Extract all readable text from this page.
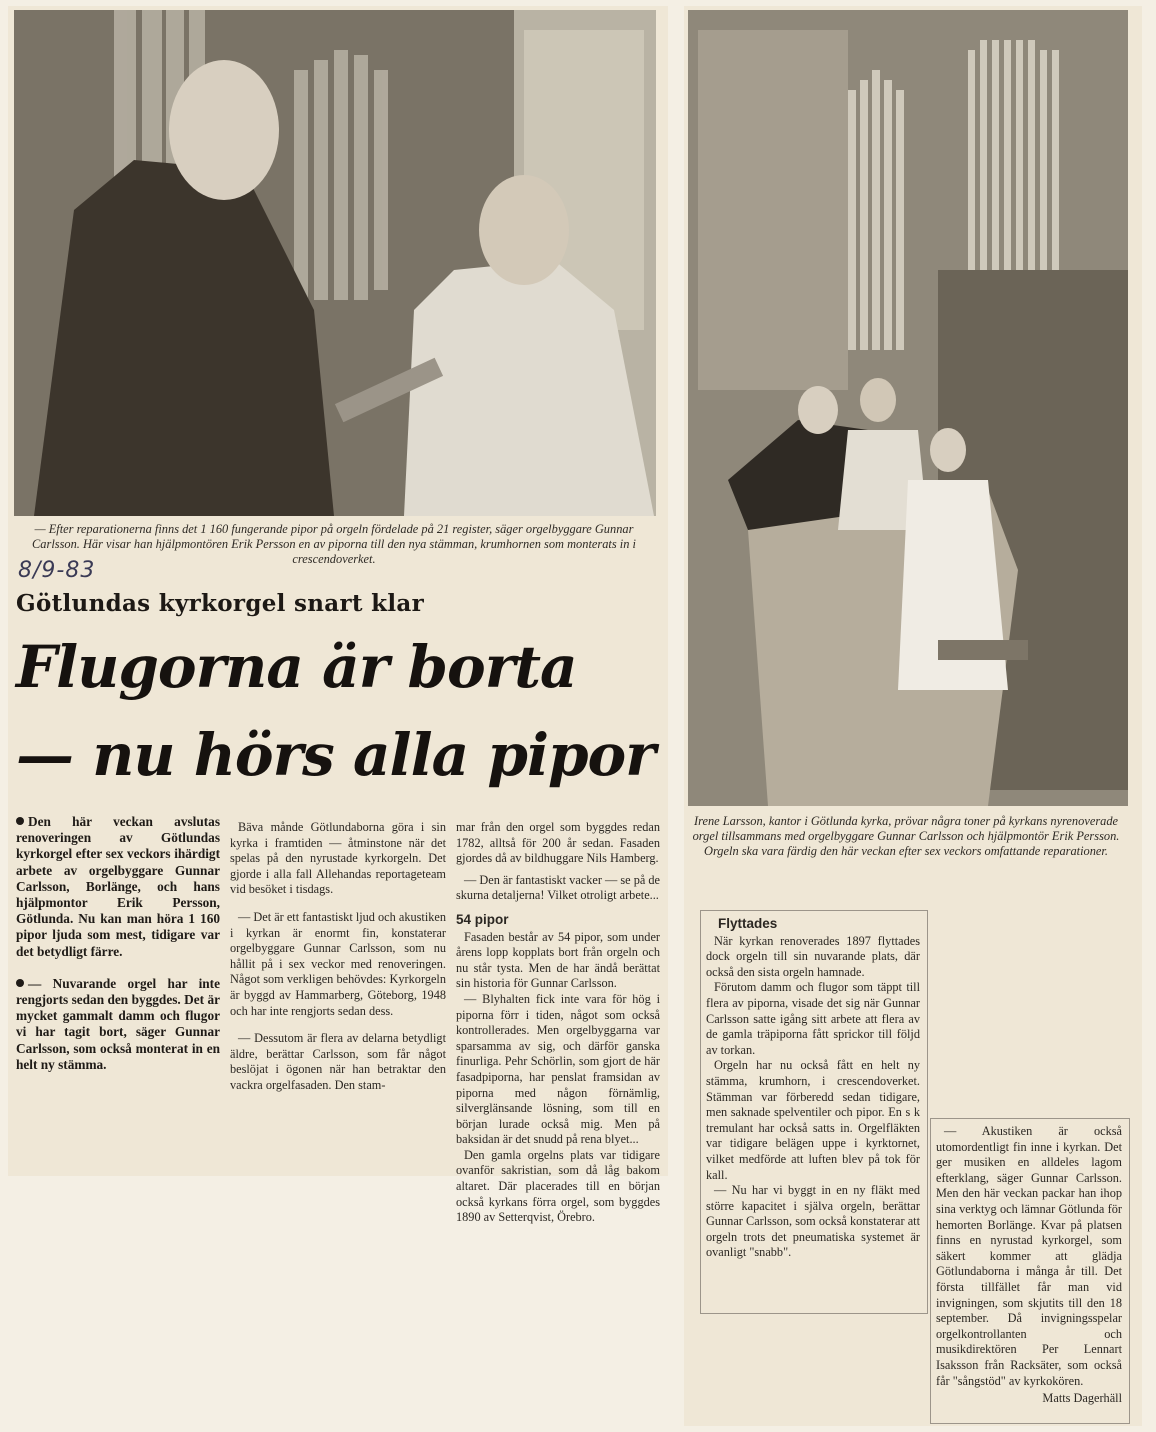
— Efter reparationerna finns det 1 160 fungerande pipor på orgeln fördelade på 21 register, säger orgelbyggare Gunnar Carlsson. Här visar han hjälpmontören Erik Persson en av piporna till den nya stämman, krumhornen som monterats in i crescendoverket.
8/9-83
Götlundas kyrkorgel snart klar
Flugorna är borta
— nu hörs alla pipor

Den här veckan avslutas renoveringen av Götlundas kyrkorgel efter sex veckors ihärdigt arbete av orgelbyggare Gunnar Carlsson, Borlänge, och hans hjälpmontor Erik Persson, Götlunda. Nu kan man höra 1 160 pipor ljuda som mest, tidigare var det betydligt färre.

— Nuvarande orgel har inte rengjorts sedan den byggdes. Det är mycket gammalt damm och flugor vi har tagit bort, säger Gunnar Carlsson, som också monterat in en helt ny stämma.

Bäva månde Götlundaborna göra i sin kyrka i framtiden — åtminstone när det spelas på den nyrustade kyrkorgeln. Det gjorde i alla fall Allehandas reportageteam vid besöket i tisdags.

— Det är ett fantastiskt ljud och akustiken i kyrkan är enormt fin, konstaterar orgelbyggare Gunnar Carlsson, som nu hållit på i sex veckor med renoveringen. Något som verkligen behövdes: Kyrkorgeln är byggd av Hammarberg, Göteborg, 1948 och har inte rengjorts sedan dess.

— Dessutom är flera av delarna betydligt äldre, berättar Carlsson, som får något beslöjat i ögonen när han betraktar den vackra orgelfasaden. Den stam-

mar från den orgel som byggdes redan 1782, alltså för 200 år sedan. Fasaden gjordes då av bildhuggare Nils Hamberg.

— Den är fantastiskt vacker — se på de skurna detaljerna! Vilket otroligt arbete...

54 pipor

Fasaden består av 54 pipor, som under årens lopp kopplats bort från orgeln och nu står tysta. Men de har ändå berättat sin historia för Gunnar Carlsson.

— Blyhalten fick inte vara för hög i piporna förr i tiden, något som också kontrollerades. Men orgelbyggarna var sparsamma av sig, och därför ganska finurliga. Pehr Schörlin, som gjort de här fasadpiporna, har penslat framsidan av piporna med någon förnämlig, silverglänsande lösning, som till en början lurade också mig. Men på baksidan är det snudd på rena blyet...

Den gamla orgelns plats var tidigare ovanför sakristian, som då låg bakom altaret. Där placerades till en början också kyrkans förra orgel, som byggdes 1890 av Setterqvist, Örebro.

Irene Larsson, kantor i Götlunda kyrka, prövar några toner på kyrkans nyrenoverade orgel tillsammans med orgelbyggare Gunnar Carlsson och hjälpmontör Erik Persson. Orgeln ska vara färdig den här veckan efter sex veckors omfattande reparationer.
Flyttades

När kyrkan renoverades 1897 flyttades dock orgeln till sin nuvarande plats, där också den sista orgeln hamnade.

Förutom damm och flugor som täppt till flera av piporna, visade det sig när Gunnar Carlsson satte igång sitt arbete att flera av de gamla träpiporna fått sprickor till följd av torkan.

Orgeln har nu också fått en helt ny stämma, krumhorn, i crescendoverket. Stämman var förberedd sedan tidigare, men saknade spelventiler och pipor. En s k tremulant har också satts in. Orgelfläkten var tidigare belägen uppe i kyrktornet, vilket medförde att luften blev på tok för kall.

— Nu har vi byggt in en ny fläkt med större kapacitet i själva orgeln, berättar Gunnar Carlsson, som också konstaterar att orgeln trots det pneumatiska systemet är ovanligt "snabb".

— Akustiken är också utomordentligt fin inne i kyrkan. Det ger musiken en alldeles lagom efterklang, säger Gunnar Carlsson. Men den här veckan packar han ihop sina verktyg och lämnar Götlunda för hemorten Borlänge. Kvar på platsen finns en nyrustad kyrkorgel, som säkert kommer att glädja Götlundaborna i många år till. Det första tillfället får man vid invigningen, som skjutits till den 18 september. Då invigningsspelar orgelkontrollanten och musikdirektören Per Lennart Isaksson från Racksäter, som också får "sångstöd" av kyrkokören.

Matts Dagerhäll
